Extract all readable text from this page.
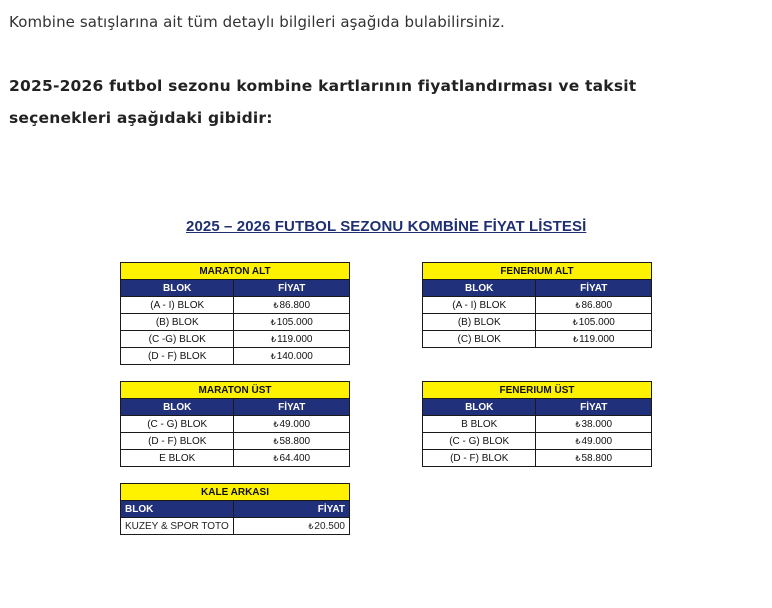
Kombine satışlarına ait tüm detaylı bilgileri aşağıda bulabilirsiniz.

2025-2026 futbol sezonu kombine kartlarının fiyatlandırması ve taksit seçenekleri aşağıdaki gibidir:

2025 – 2026 FUTBOL SEZONU KOMBİNE FİYAT LİSTESİ

MARATON ALT	
BLOK	FİYAT
(A - I) BLOK	₺86.800
(B) BLOK	₺105.000
(C -G) BLOK	₺119.000
(D - F) BLOK	₺140.000
FENERIUM ALT	
BLOK	FİYAT
(A - I) BLOK	₺86.800
(B) BLOK	₺105.000
(C) BLOK	₺119.000
MARATON ÜST	
BLOK	FİYAT
(C - G) BLOK	₺49.000
(D - F) BLOK	₺58.800
E BLOK	₺64.400
FENERIUM ÜST	
BLOK	FİYAT
B BLOK	₺38.000
(C - G) BLOK	₺49.000
(D - F) BLOK	₺58.800
KALE ARKASI	
BLOK	FİYAT
KUZEY & SPOR TOTO	₺20.500
